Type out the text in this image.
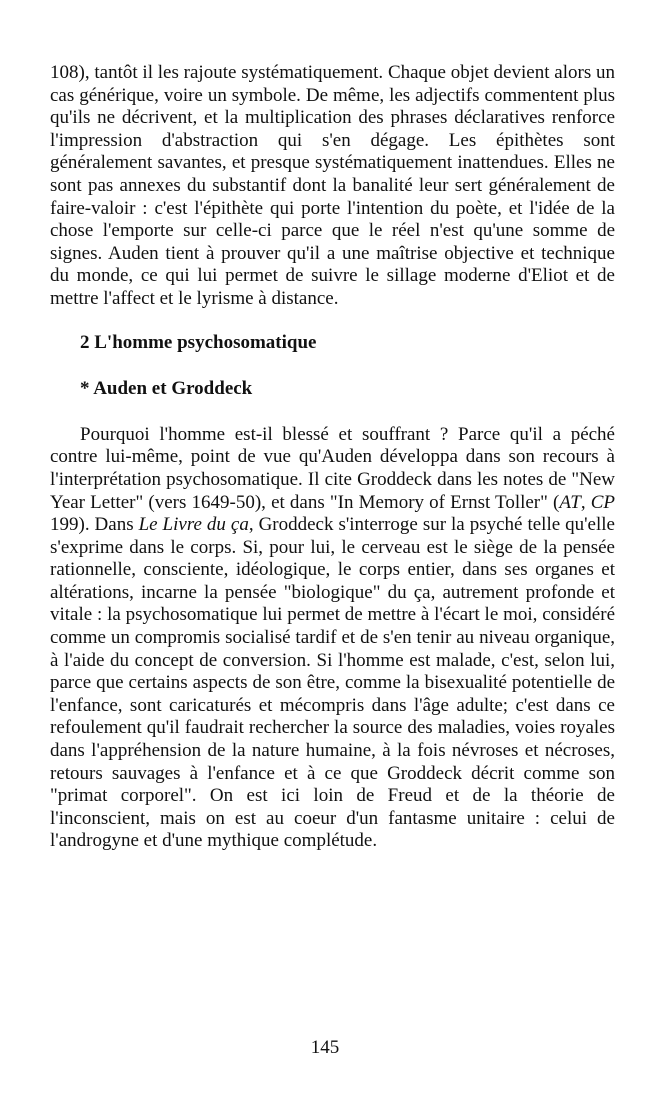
108), tantôt il les rajoute systématiquement. Chaque objet devient alors un cas générique, voire un symbole. De même, les adjectifs commentent plus qu'ils ne décrivent, et la multiplication des phrases déclaratives renforce l'impression d'abstraction qui s'en dégage. Les épithètes sont généralement savantes, et presque systématiquement inattendues. Elles ne sont pas annexes du substantif dont la banalité leur sert généralement de faire-valoir : c'est l'épithète qui porte l'intention du poète, et l'idée de la chose l'emporte sur celle-ci parce que le réel n'est qu'une somme de signes. Auden tient à prouver qu'il a une maîtrise objective et technique du monde, ce qui lui permet de suivre le sillage moderne d'Eliot et de mettre l'affect et le lyrisme à distance.

2 L'homme psychosomatique
* Auden et Groddeck

Pourquoi l'homme est-il blessé et souffrant ? Parce qu'il a péché contre lui-même, point de vue qu'Auden développa dans son recours à l'interprétation psychosomatique. Il cite Groddeck dans les notes de "New Year Letter" (vers 1649-50), et dans "In Memory of Ernst Toller" (AT, CP 199). Dans Le Livre du ça, Groddeck s'interroge sur la psyché telle qu'elle s'exprime dans le corps. Si, pour lui, le cerveau est le siège de la pensée rationnelle, consciente, idéologique, le corps entier, dans ses organes et altérations, incarne la pensée "biologique" du ça, autrement profonde et vitale : la psychosomatique lui permet de mettre à l'écart le moi, considéré comme un compromis socialisé tardif et de s'en tenir au niveau organique, à l'aide du concept de conversion. Si l'homme est malade, c'est, selon lui, parce que certains aspects de son être, comme la bisexualité potentielle de l'enfance, sont caricaturés et mécompris dans l'âge adulte; c'est dans ce refoulement qu'il faudrait rechercher la source des maladies, voies royales dans l'appréhension de la nature humaine, à la fois névroses et nécroses, retours sauvages à l'enfance et à ce que Groddeck décrit comme son "primat corporel". On est ici loin de Freud et de la théorie de l'inconscient, mais on est au coeur d'un fantasme unitaire : celui de l'androgyne et d'une mythique complétude.

145
